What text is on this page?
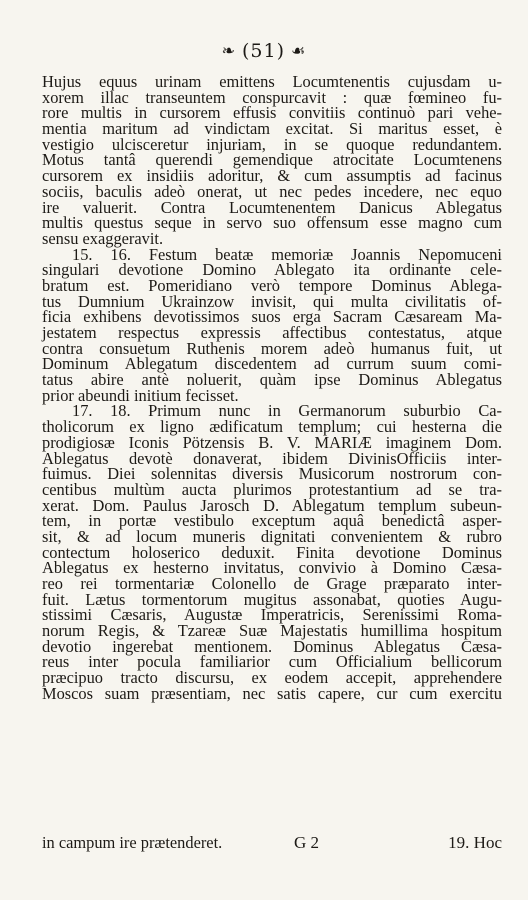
❧ (51) ☙
Hujus equus urinam emittens Locumtenentis cujusdam u-
xorem illac transeuntem conspurcavit : quæ fœmineo fu-
rore multis in cursorem effusis convitiis continuò pari vehe-
mentia maritum ad vindictam excitat. Si maritus esset, è
vestigio ulcisceretur injuriam, in se quoque redundantem.
Motus tantâ querendi gemendique atrocitate Locumtenens
cursorem ex insidiis adoritur, & cum assumptis ad facinus
sociis, baculis adeò onerat, ut nec pedes incedere, nec equo
ire valuerit. Contra Locumtenentem Danicus Ablegatus
multis questus seque in servo suo offensum esse magno cum
sensu exaggeravit.
15. 16. Festum beatæ memoriæ Joannis Nepomuceni
singulari devotione Domino Ablegato ita ordinante cele-
bratum est. Pomeridiano verò tempore Dominus Ablega-
tus Dumnium Ukrainzow invisit, qui multa civilitatis of-
ficia exhibens devotissimos suos erga Sacram Cæsaream Ma-
jestatem respectus expressis affectibus contestatus, atque
contra consuetum Ruthenis morem adeò humanus fuit, ut
Dominum Ablegatum discedentem ad currum suum comi-
tatus abire antè noluerit, quàm ipse Dominus Ablegatus
prior abeundi initium fecisset.
17. 18. Primum nunc in Germanorum suburbio Ca-
tholicorum ex ligno ædificatum templum; cui hesterna die
prodigiosæ Iconis Pötzensis B. V. MARIÆ imaginem Dom.
Ablegatus devotè donaverat, ibidem DivinisOfficiis inter-
fuimus. Diei solennitas diversis Musicorum nostrorum con-
centibus multùm aucta plurimos protestantium ad se tra-
xerat. Dom. Paulus Jarosch D. Ablegatum templum subeun-
tem, in portæ vestibulo exceptum aquâ benedictâ asper-
sit, & ad locum muneris dignitati convenientem & rubro
contectum holoserico deduxit. Finita devotione Dominus
Ablegatus ex hesterno invitatus, convivio à Domino Cæsa-
reo rei tormentariæ Colonello de Grage præparato inter-
fuit. Lætus tormentorum mugitus assonabat, quoties Augu-
stissimi Cæsaris, Augustæ Imperatricis, Serenissimi Roma-
norum Regis, & Tzareæ Suæ Majestatis humillima hospitum
devotio ingerebat mentionem. Dominus Ablegatus Cæsa-
reus inter pocula familiarior cum Officialium bellicorum
præcipuo tracto discursu, ex eodem accepit, apprehendere
Moscos suam præsentiam, nec satis capere, cur cum exercitu
in campum ire prætenderet.	G 2	19. Hoc
